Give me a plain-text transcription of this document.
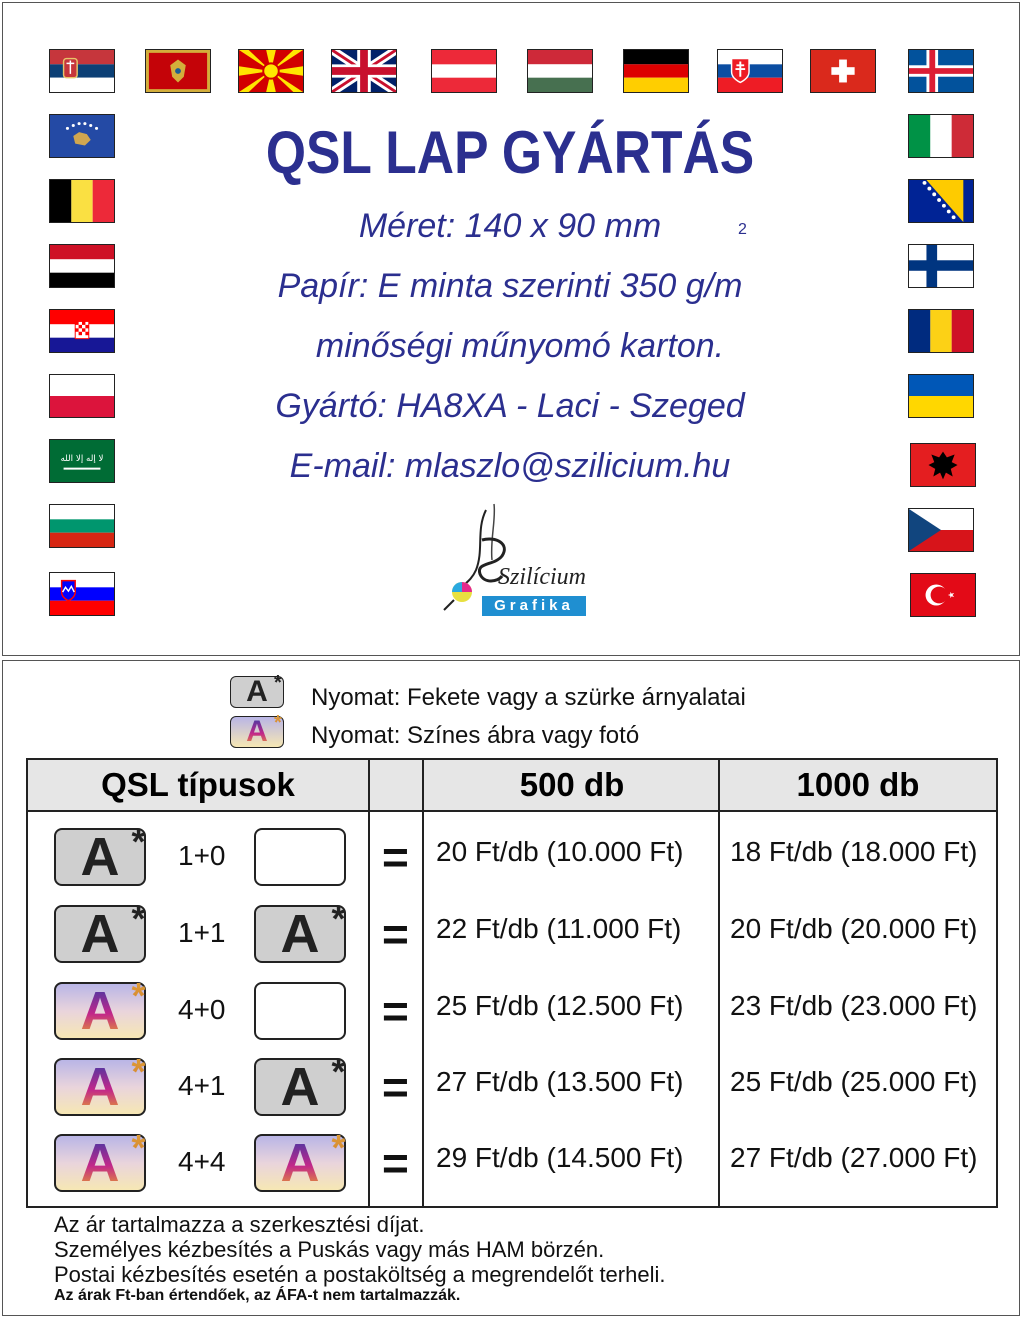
لا إله إلا الله
QSL LAP GYÁRTÁS
Méret: 140 x 90 mm	2
Papír: E minta szerinti 350 g/m
minőségi műnyomó karton.
Gyártó: HA8XA - Laci - Szeged
E-mail: mlaszlo@szilicium.hu
Szilícium
Grafika
A *
Nyomat: Fekete vagy a szürke árnyalatai
A * Nyomat: Színes ábra vagy fotó
QSL típusok	500 db	1000 db
A * 1+0	= 20 Ft/db (10.000 Ft) 18 Ft/db (18.000 Ft)
A * 1+1 A * = 22 Ft/db (11.000 Ft) 20 Ft/db (20.000 Ft)
A * 4+0	= 25 Ft/db (12.500 Ft) 23 Ft/db (23.000 Ft)
A * 4+1 A * = 27 Ft/db (13.500 Ft) 25 Ft/db (25.000 Ft)
A * 4+4 A * = 29 Ft/db (14.500 Ft) 27 Ft/db (27.000 Ft)
Az ár tartalmazza a szerkesztési díjat.
Személyes kézbesítés a Puskás vagy más HAM börzén.
Postai kézbesítés esetén a postaköltség a megrendelőt terheli.
Az árak Ft-ban értendőek, az ÁFA-t nem tartalmazzák.
